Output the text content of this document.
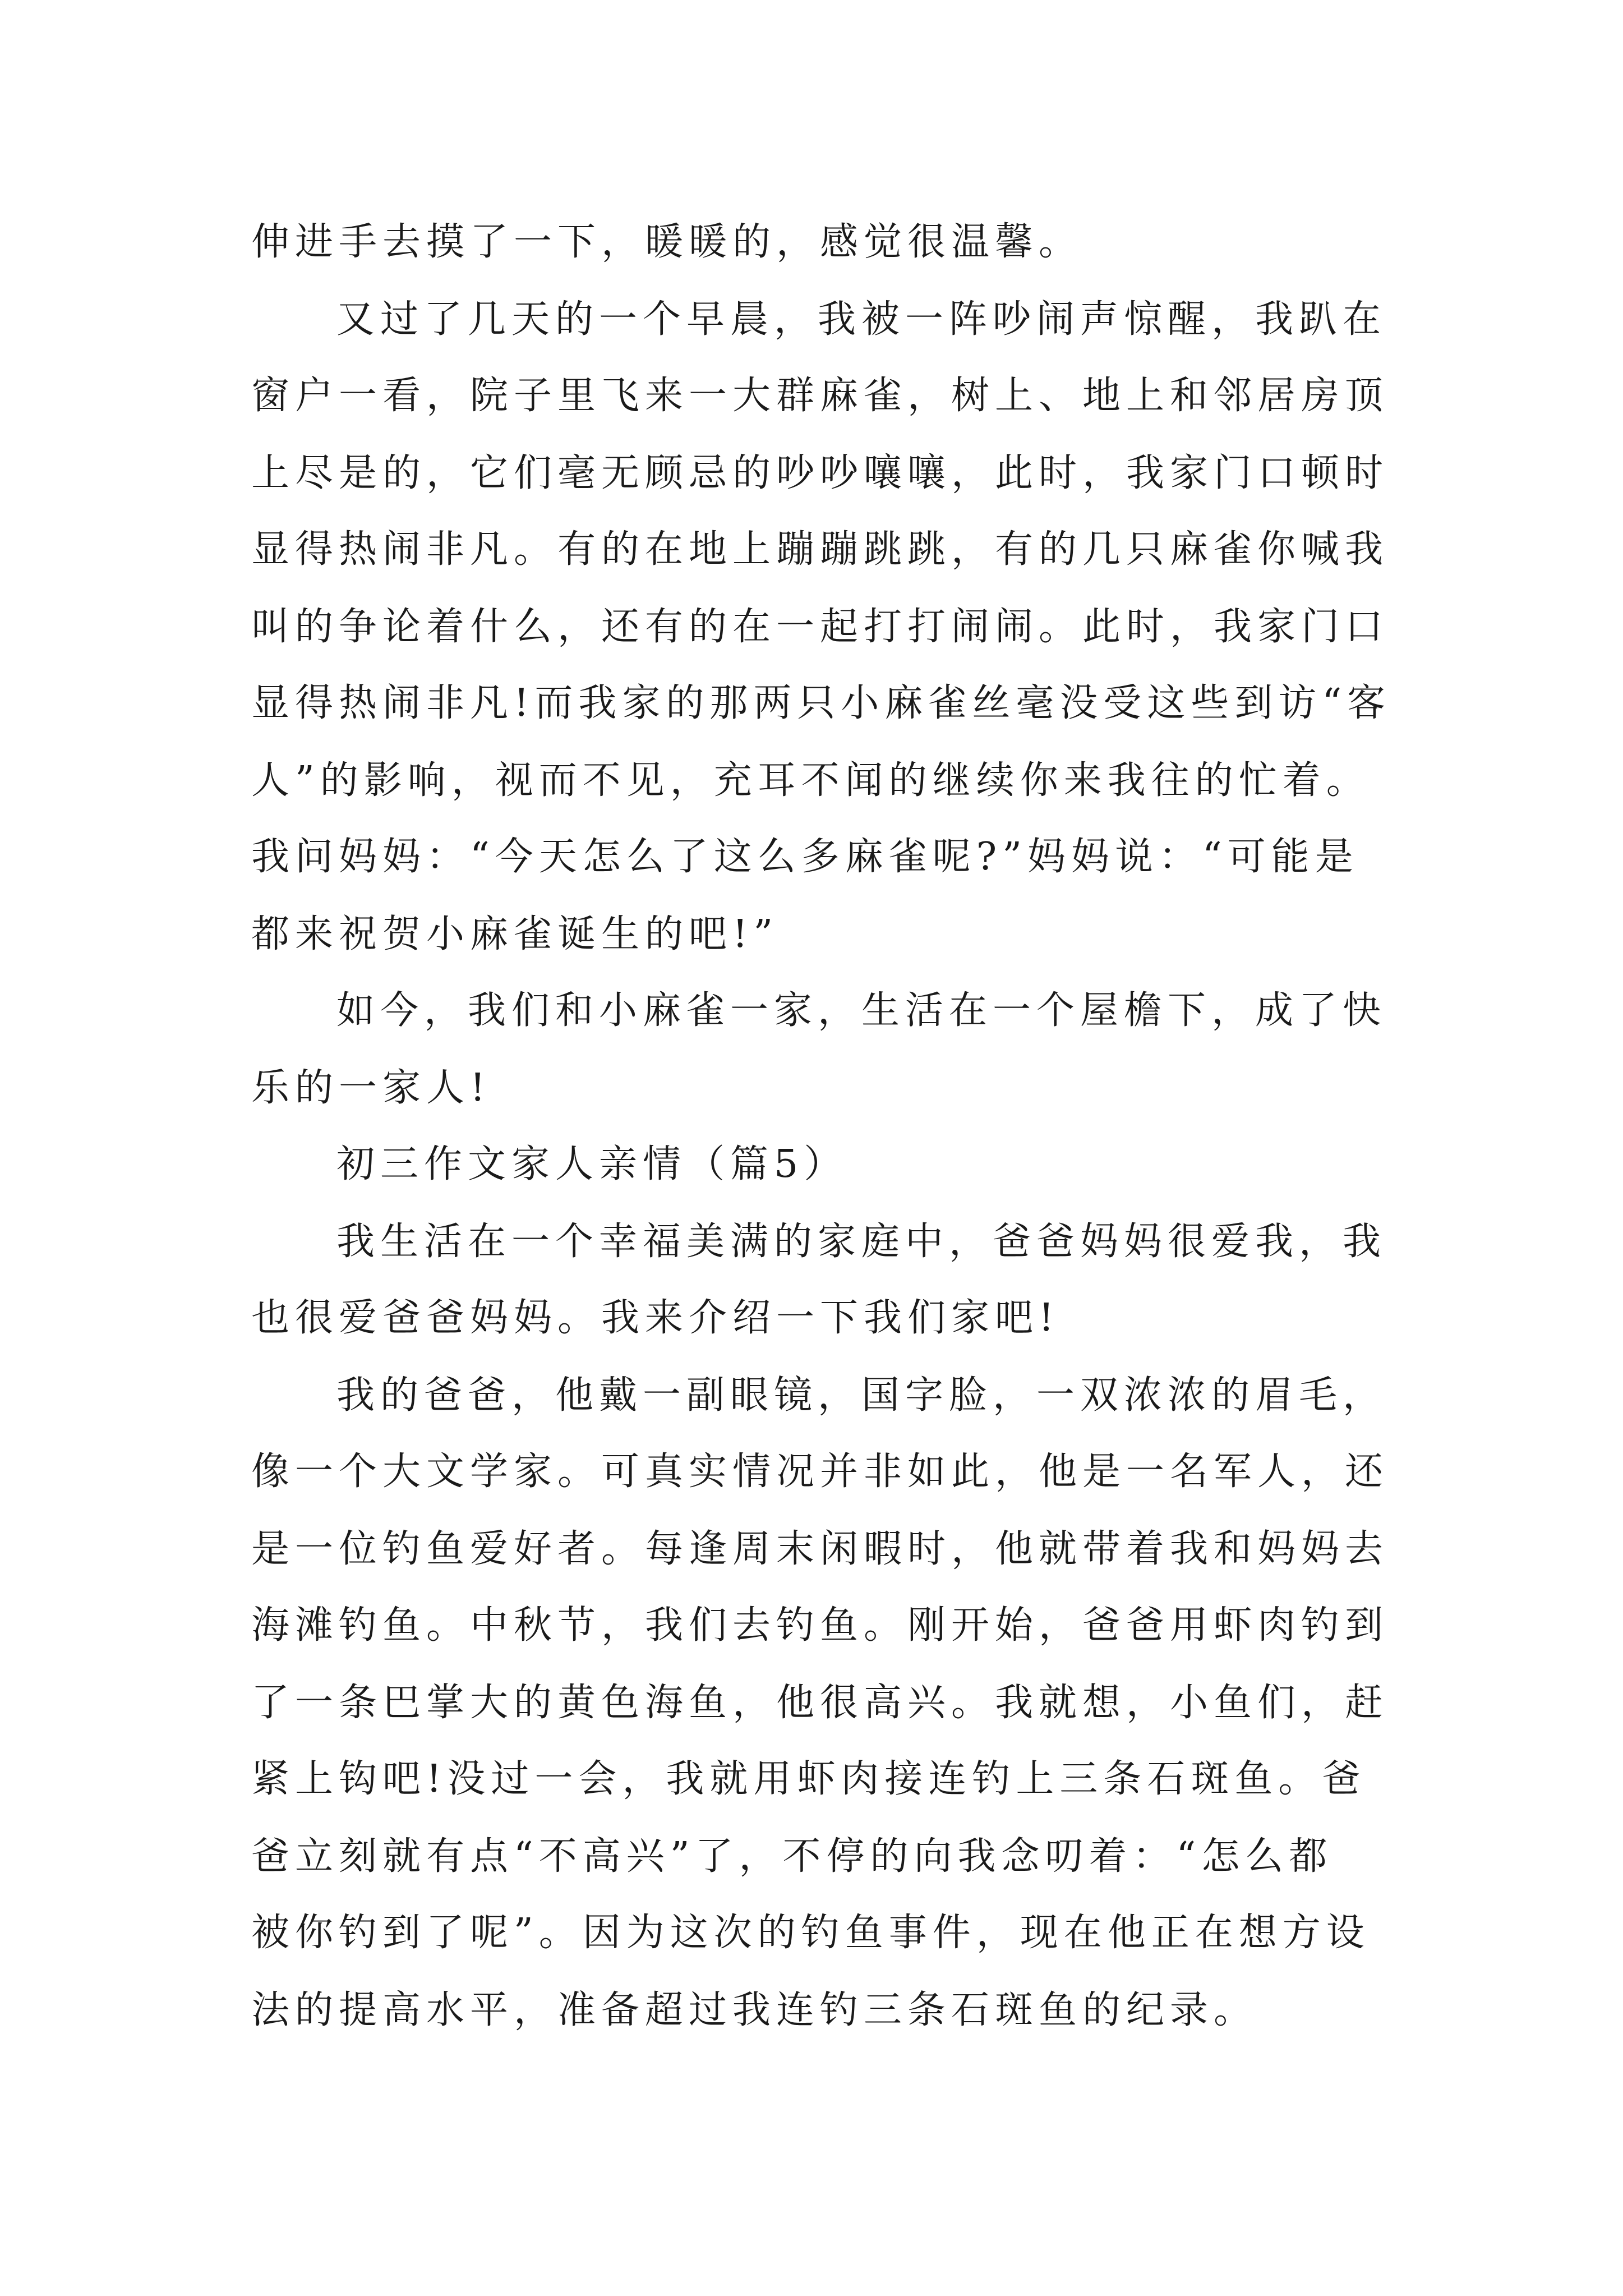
伸进手去摸了一下，暖暖的，感觉很温馨。
又过了几天的一个早晨，我被一阵吵闹声惊醒，我趴在
窗户一看，院子里飞来一大群麻雀，树上、地上和邻居房顶
上尽是的，它们毫无顾忌的吵吵嚷嚷，此时，我家门口顿时
显得热闹非凡。有的在地上蹦蹦跳跳，有的几只麻雀你喊我
叫的争论着什么，还有的在一起打打闹闹。此时，我家门口
显得热闹非凡!而我家的那两只小麻雀丝毫没受这些到访“客
人”的影响，视而不见，充耳不闻的继续你来我往的忙着。
我问妈妈：“今天怎么了这么多麻雀呢?”妈妈说：“可能是
都来祝贺小麻雀诞生的吧!”
如今，我们和小麻雀一家，生活在一个屋檐下，成了快
乐的一家人!
初三作文家人亲情（篇5）
我生活在一个幸福美满的家庭中，爸爸妈妈很爱我，我
也很爱爸爸妈妈。我来介绍一下我们家吧!
我的爸爸，他戴一副眼镜，国字脸，一双浓浓的眉毛，
像一个大文学家。可真实情况并非如此，他是一名军人，还
是一位钓鱼爱好者。每逢周末闲暇时，他就带着我和妈妈去
海滩钓鱼。中秋节，我们去钓鱼。刚开始，爸爸用虾肉钓到
了一条巴掌大的黄色海鱼，他很高兴。我就想，小鱼们，赶
紧上钩吧!没过一会，我就用虾肉接连钓上三条石斑鱼。爸
爸立刻就有点“不高兴”了，不停的向我念叨着：“怎么都
被你钓到了呢”。因为这次的钓鱼事件，现在他正在想方设
法的提高水平，准备超过我连钓三条石斑鱼的纪录。
